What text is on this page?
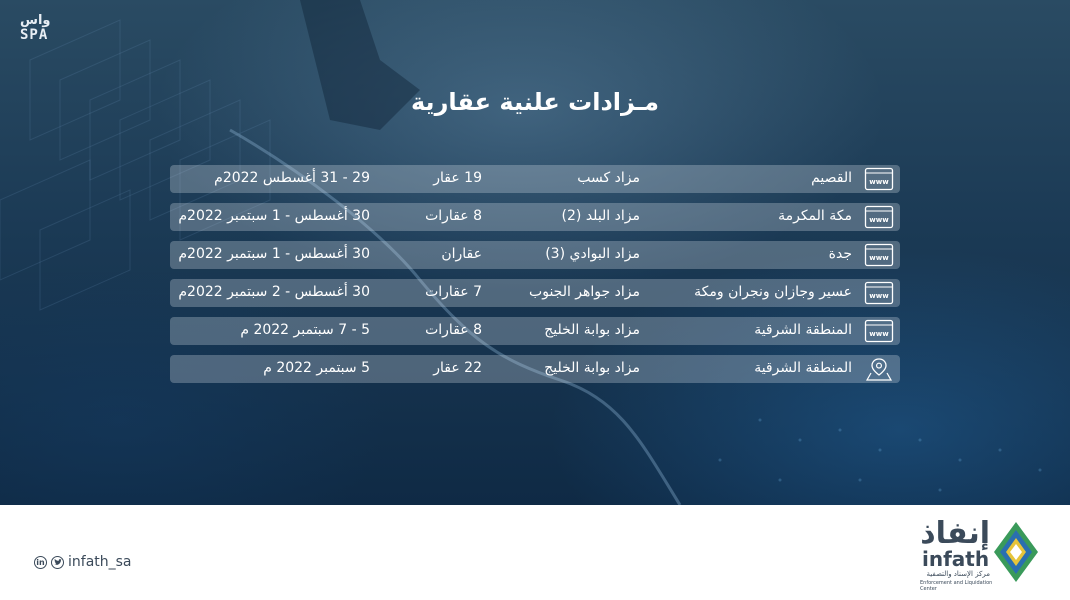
واس
SPA
مـزادات علنية عقارية
www
القصيم
مزاد كسب
19 عقار
29 - 31 أغسطس 2022م
www
مكة المكرمة
مزاد البلد (2)
8 عقارات
30 أغسطس - 1 سبتمبر 2022م
www
جدة
مزاد البوادي (3)
عقاران
30 أغسطس - 1 سبتمبر 2022م
www
عسير وجازان ونجران ومكة
مزاد جواهر الجنوب
7 عقارات
30 أغسطس - 2 سبتمبر 2022م
www
المنطقة الشرقية
مزاد بوابة الخليج
8 عقارات
5 - 7 سبتمبر 2022 م
المنطقة الشرقية
مزاد بوابة الخليج
22 عقار
5 سبتمبر 2022 م
in infath_sa
إنفاذ
infath
مركز الإسناد والتصفية
Enforcement and Liquidation Center
